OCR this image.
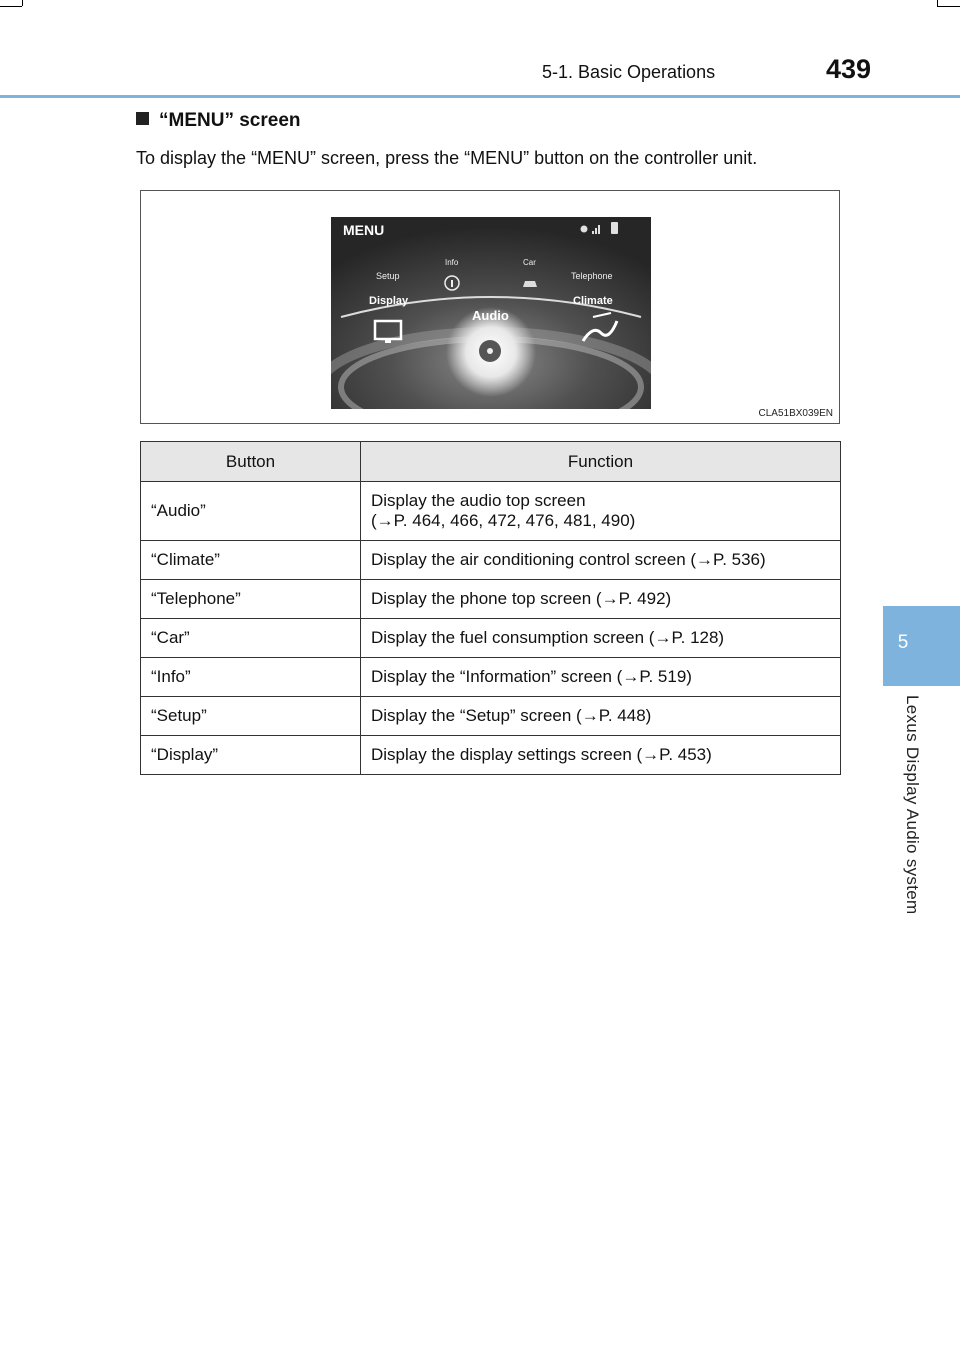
5-1. Basic Operations	439
5
Lexus Display Audio system
“MENU” screen
To display the “MENU” screen, press the “MENU” button on the controller unit.
MENU
Setup
Info	Car
Telephone
Display	Climate
Audio
CLA51BX039EN
Button	Function
“Audio”	Display the audio top screen
(→P. 464, 466, 472, 476, 481, 490)
“Climate”	Display the air conditioning control screen (→P. 536)
“Telephone”	Display the phone top screen (→P. 492)
“Car”	Display the fuel consumption screen (→P. 128)
“Info”	Display the “Information” screen (→P. 519)
“Setup”	Display the “Setup” screen (→P. 448)
“Display”	Display the display settings screen (→P. 453)
